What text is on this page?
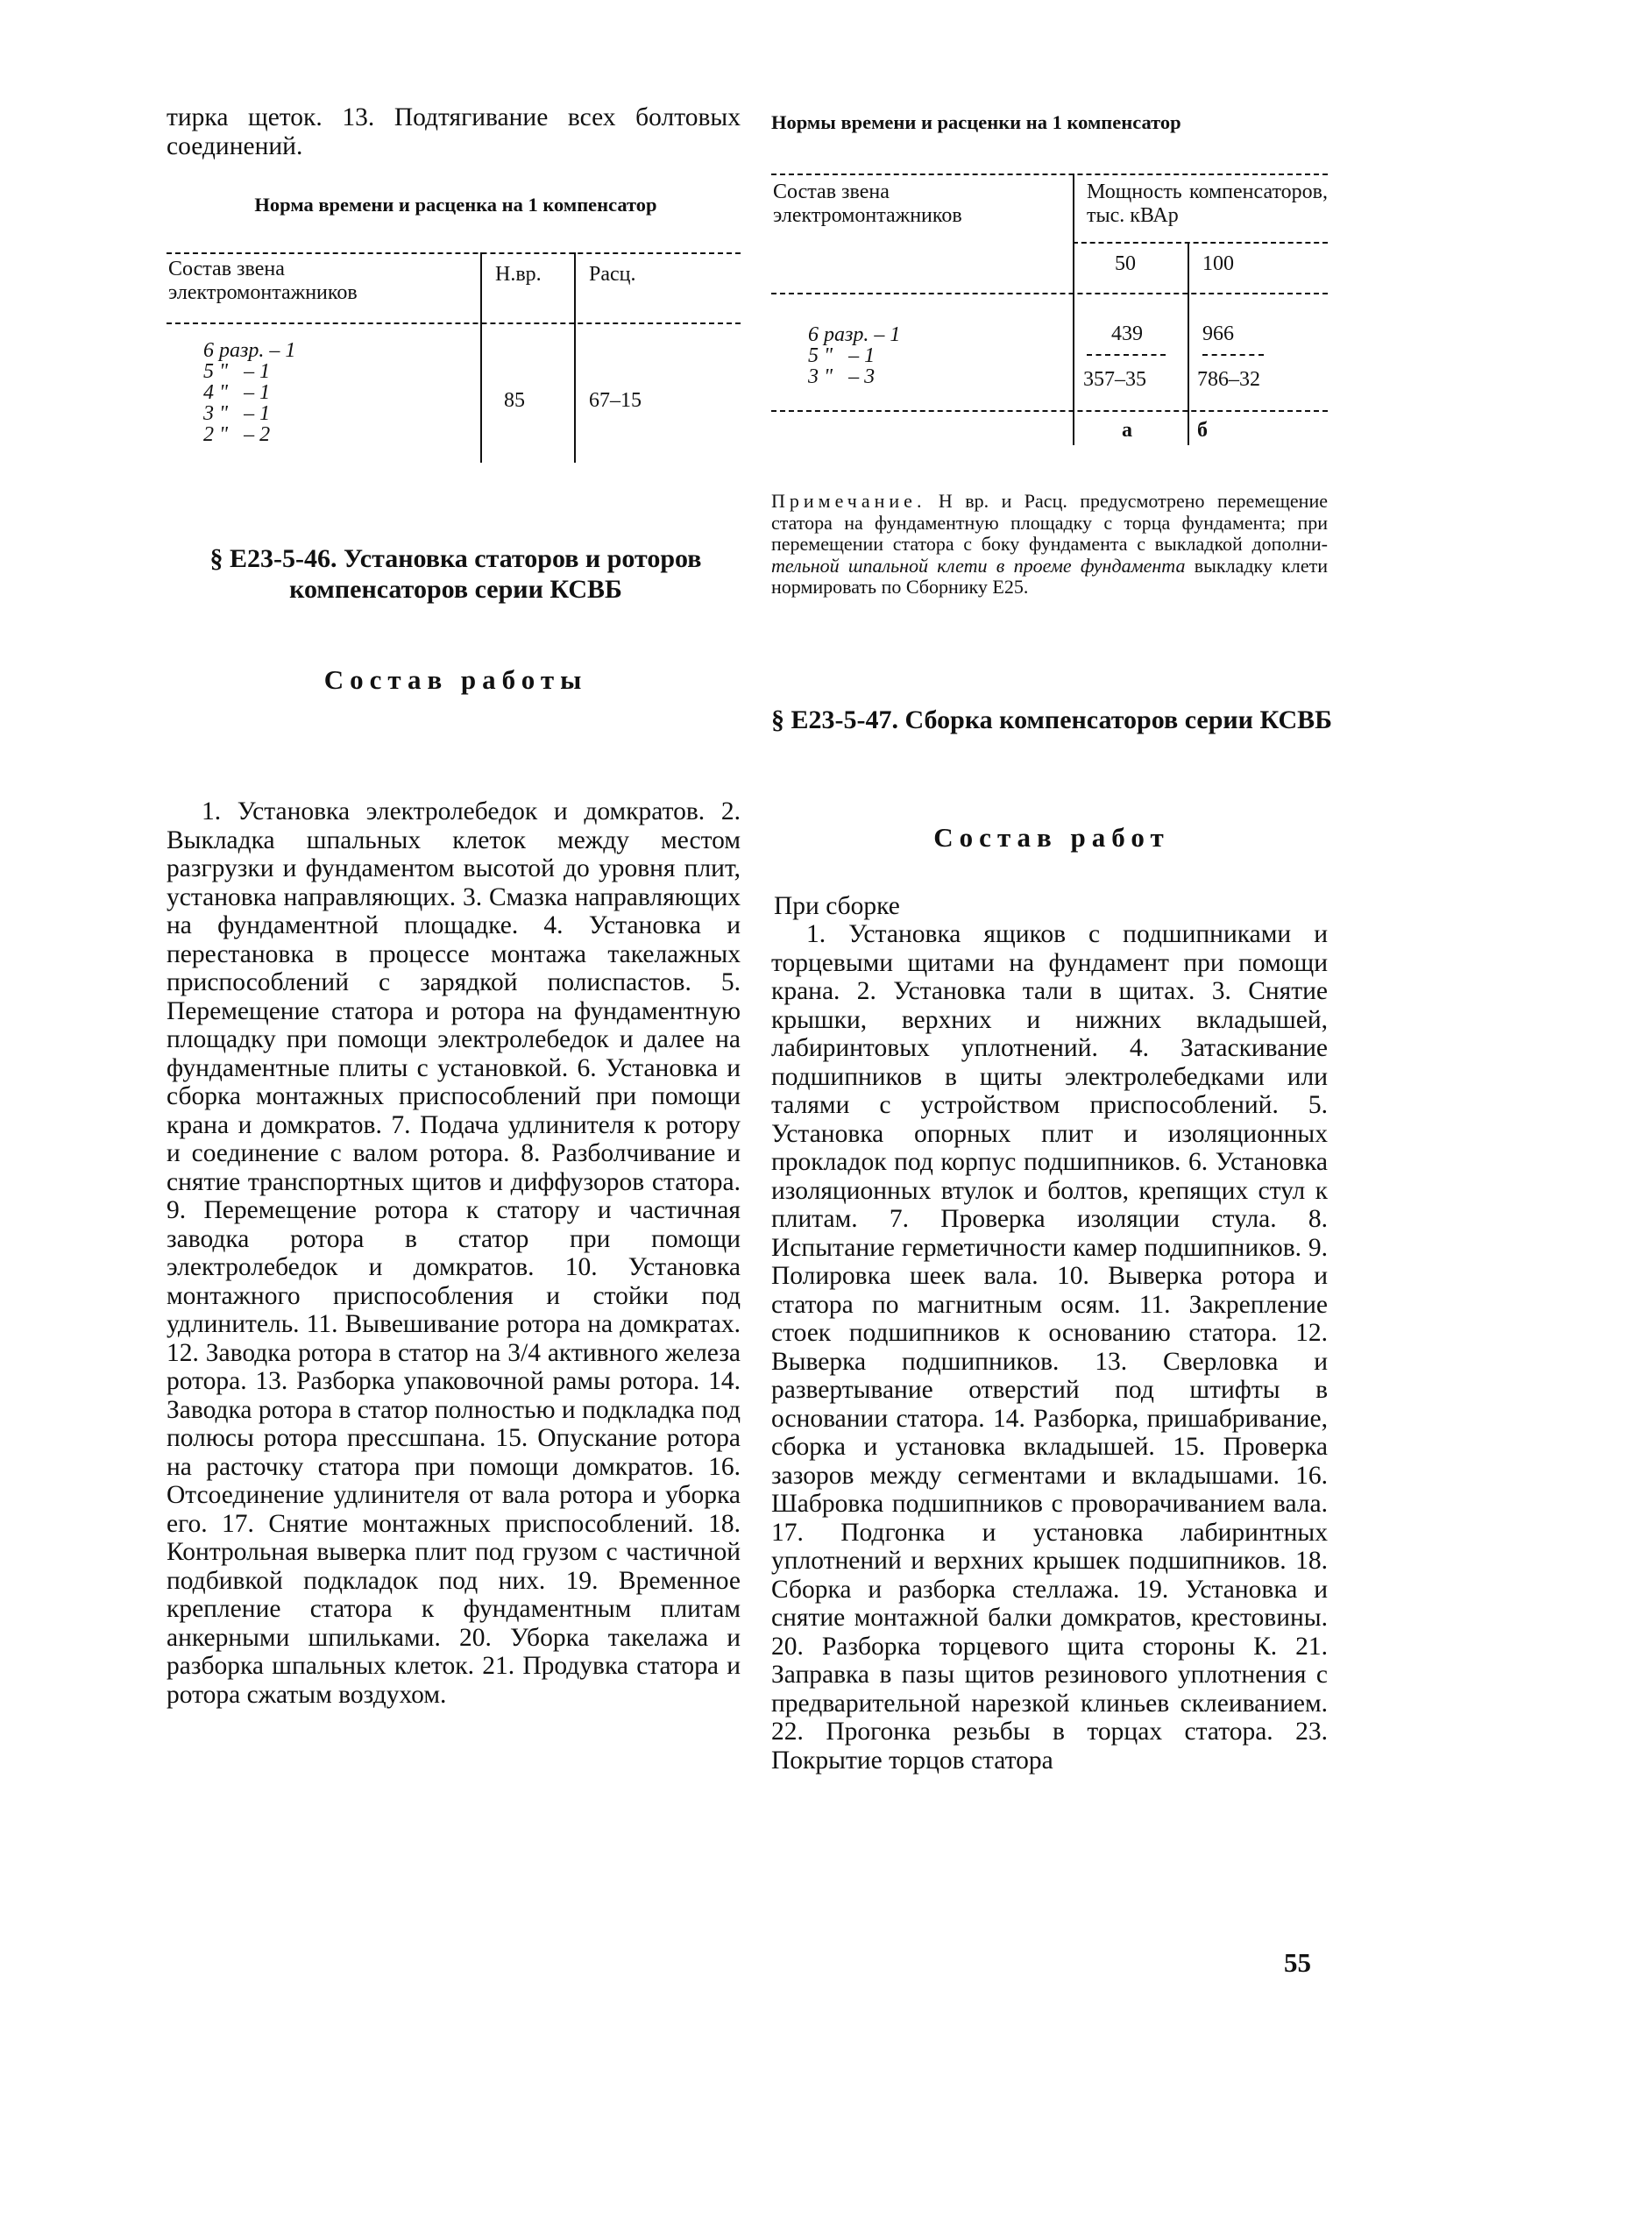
тирка щеток. 13. Подтягивание всех болтовых соединений.

Норма времени и расценка на 1 компенсатор

Состав звена электромонтажников
Н.вр. Расц.
6 разр. – 1
5 "   – 1
4 "   – 1
3 "   – 1
2 "   – 2
85	67–15

§ Е23-5-46. Установка статоров и роторов компенсаторов серии КСВБ

Состав работы

1. Установка электролебедок и домкратов. 2. Выкладка шпальных клеток между местом разгрузки и фундаментом высотой до уровня плит, установка направляющих. 3. Смазка направляющих на фундаментной площадке. 4. Установка и перестановка в процессе монтажа такелажных приспособлений с зарядкой полиспастов. 5. Перемещение статора и ротора на фундаментную площадку при помощи электролебедок и далее на фундаментные плиты с установкой. 6. Установка и сборка монтажных приспособлений при помощи крана и домкратов. 7. Подача удлинителя к ротору и соединение с валом ротора. 8. Разболчивание и снятие транспортных щитов и диффузоров статора. 9. Перемещение ротора к статору и частичная заводка ротора в статор при помощи электролебедок и домкратов. 10. Установка монтажного приспособления и стойки под удлинитель. 11. Вывешивание ротора на домкратах. 12. Заводка ротора в статор на 3/4 активного железа ротора. 13. Разборка упаковочной рамы ротора. 14. Заводка ротора в статор полностью и подкладка под полюсы ротора прессшпана. 15. Опускание ротора на расточку статора при помощи домкратов. 16. Отсоединение удлинителя от вала ротора и уборка его. 17. Снятие монтажных приспособлений. 18. Контрольная выверка плит под грузом с частичной подбивкой подкладок под них. 19. Временное крепление статора к фундаментным плитам анкерными шпильками. 20. Уборка такелажа и разборка шпальных клеток. 21. Продувка статора и ротора сжатым воздухом.

Нормы времени и расценки на 1 компенсатор

Состав звена электромонтажников
Мощность компенсаторов, тыс. кВАр
50	100
6 разр. – 1
5 "   – 1
3 "   – 3
439	966
357–35 786–32
а	б

Примечание. Н вр. и Расц. предусмотрено перемещение статора на фундаментную площадку с торца фундамента; при перемещении статора с боку фундамента с выкладкой дополни-тельной шпальной клети в проеме фундамента выкладку клети нормировать по Сборнику Е25.

§ Е23-5-47. Сборка компенсаторов серии КСВБ

Состав работ

При сборке

1. Установка ящиков с подшипниками и торцевыми щитами на фундамент при помощи крана. 2. Установка тали в щитах. 3. Снятие крышки, верхних и нижних вкладышей, лабиринтовых уплотнений. 4. Затаскивание подшипников в щиты электролебедками или талями с устройством приспособлений. 5. Установка опорных плит и изоляционных прокладок под корпус подшипников. 6. Установка изоляционных втулок и болтов, крепящих стул к плитам. 7. Проверка изоляции стула. 8. Испытание герметичности камер подшипников. 9. Полировка шеек вала. 10. Выверка ротора и статора по магнитным осям. 11. Закрепление стоек подшипников к основанию статора. 12. Выверка подшипников. 13. Сверловка и развертывание отверстий под штифты в основании статора. 14. Разборка, пришабривание, сборка и установка вкладышей. 15. Проверка зазоров между сегментами и вкладышами. 16. Шабровка подшипников с проворачиванием вала. 17. Подгонка и установка лабиринтных уплотнений и верхних крышек подшипников. 18. Сборка и разборка стеллажа. 19. Установка и снятие монтажной балки домкратов, крестовины. 20. Разборка торцевого щита стороны К. 21. Заправка в пазы щитов резинового уплотнения с предварительной нарезкой клиньев склеиванием. 22. Прогонка резьбы в торцах статора. 23. Покрытие торцов статора

55
